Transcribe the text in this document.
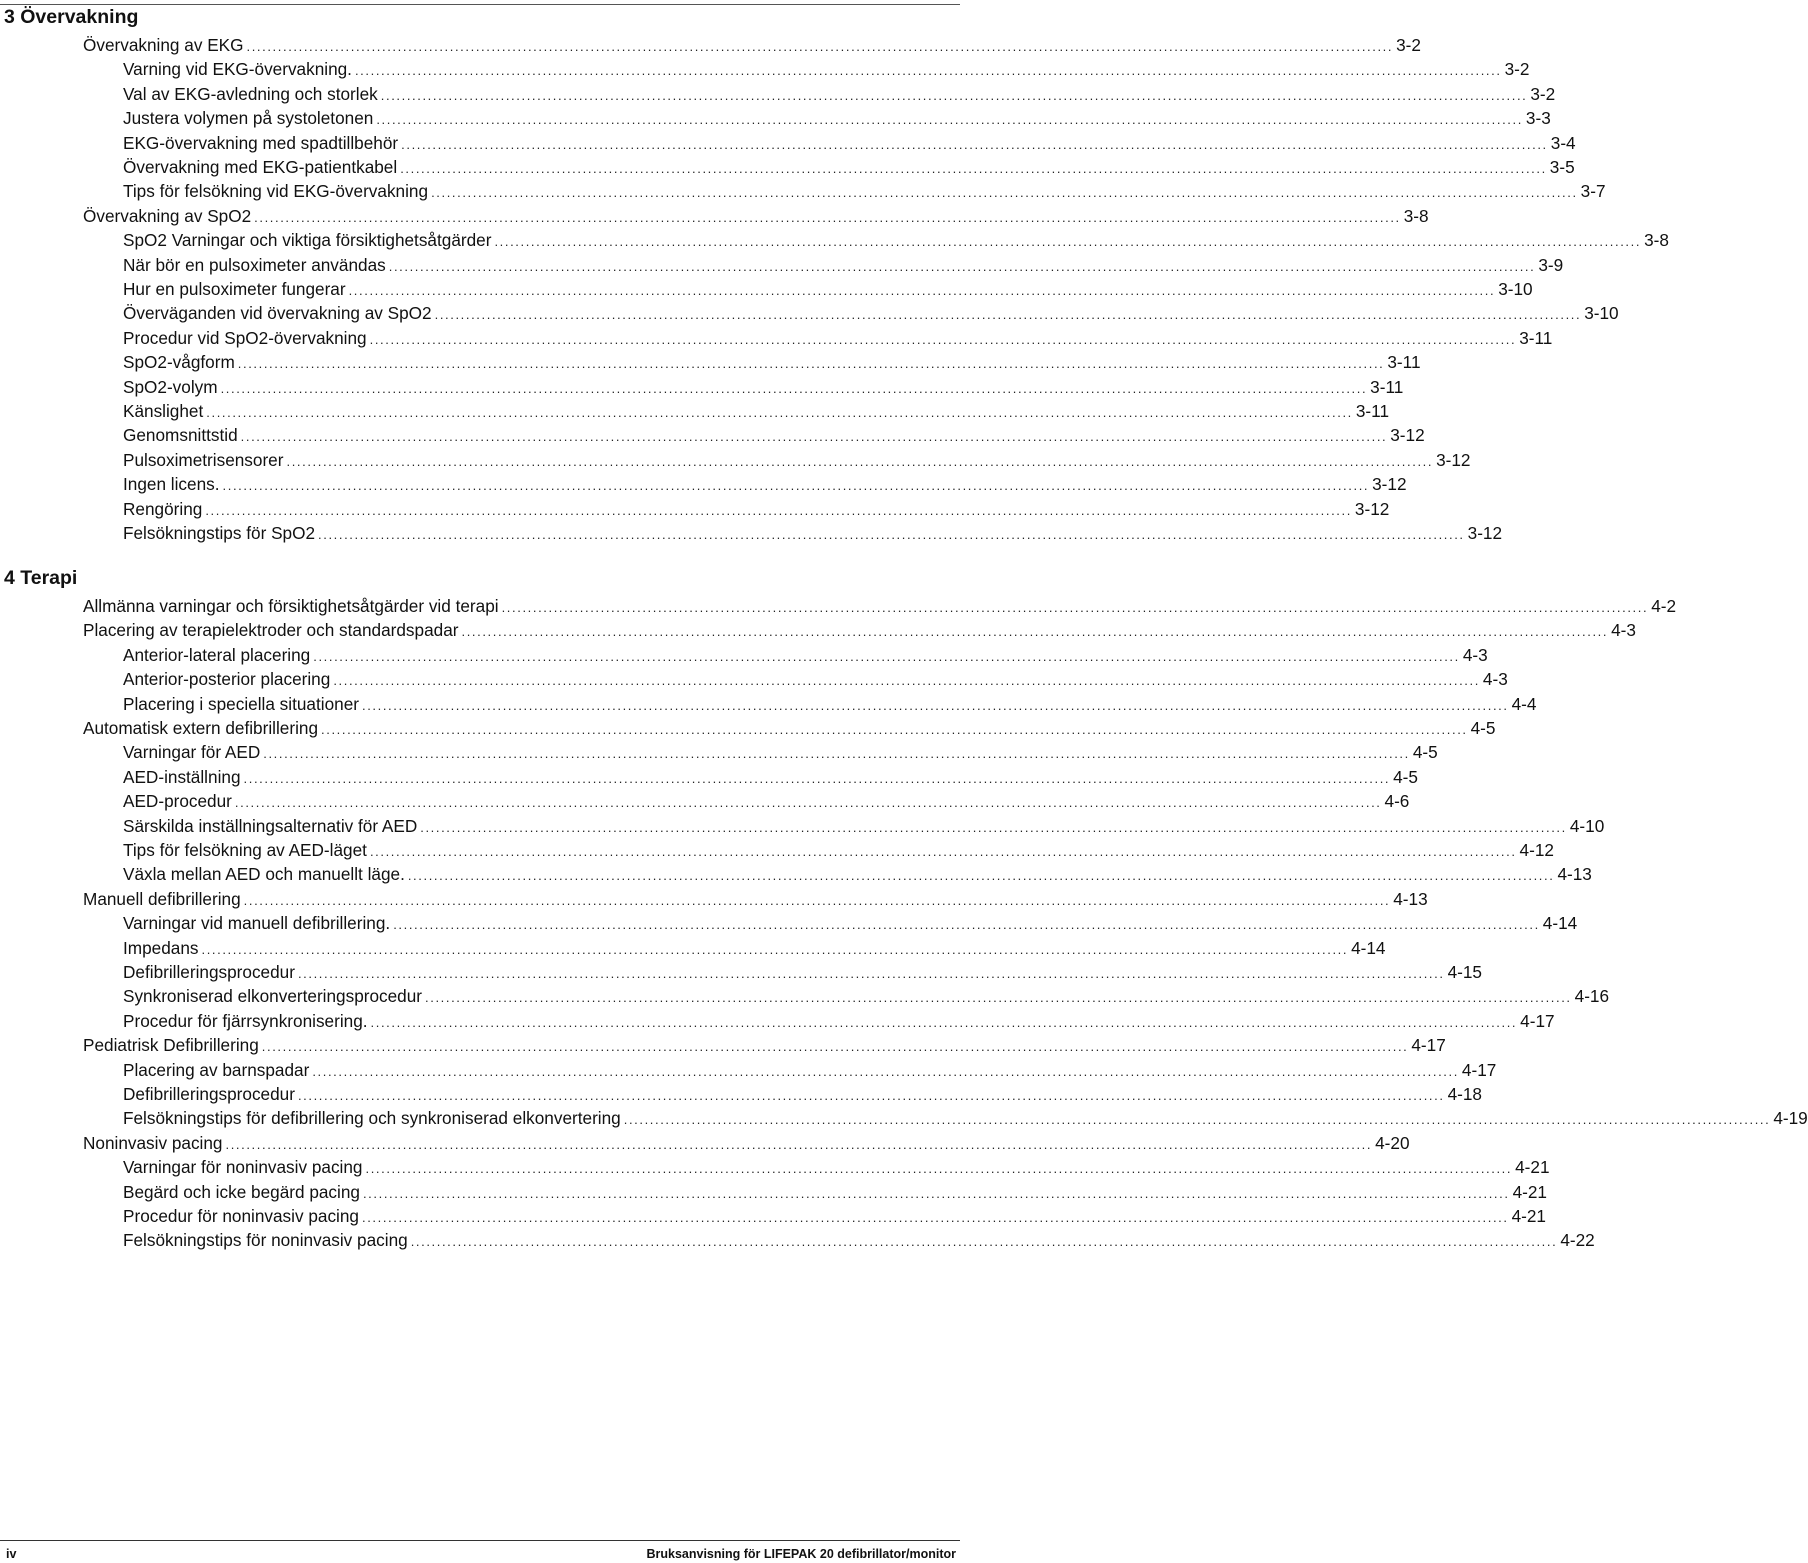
3 Övervakning
Övervakning av EKG ............................................................................................................................................................................................................................ 3-2
Varning vid EKG-övervakning. ............................................................................................................................................................................................................................ 3-2
Val av EKG-avledning och storlek ............................................................................................................................................................................................................................ 3-2
Justera volymen på systoletonen ............................................................................................................................................................................................................................ 3-3
EKG-övervakning med spadtillbehör ............................................................................................................................................................................................................................ 3-4
Övervakning med EKG-patientkabel ............................................................................................................................................................................................................................ 3-5
Tips för felsökning vid EKG-övervakning ............................................................................................................................................................................................................................ 3-7
Övervakning av SpO2 ............................................................................................................................................................................................................................ 3-8
SpO2 Varningar och viktiga försiktighetsåtgärder ............................................................................................................................................................................................................................ 3-8
När bör en pulsoximeter användas ............................................................................................................................................................................................................................ 3-9
Hur en pulsoximeter fungerar ............................................................................................................................................................................................................................ 3-10
Överväganden vid övervakning av SpO2 ............................................................................................................................................................................................................................ 3-10
Procedur vid SpO2-övervakning ............................................................................................................................................................................................................................ 3-11
SpO2-vågform ............................................................................................................................................................................................................................ 3-11
SpO2-volym ............................................................................................................................................................................................................................ 3-11
Känslighet ............................................................................................................................................................................................................................ 3-11
Genomsnittstid ............................................................................................................................................................................................................................ 3-12
Pulsoximetrisensorer ............................................................................................................................................................................................................................ 3-12
Ingen licens. ............................................................................................................................................................................................................................ 3-12
Rengöring ............................................................................................................................................................................................................................ 3-12
Felsökningstips för SpO2 ............................................................................................................................................................................................................................ 3-12
4 Terapi
Allmänna varningar och försiktighetsåtgärder vid terapi ............................................................................................................................................................................................................................ 4-2
Placering av terapielektroder och standardspadar ............................................................................................................................................................................................................................ 4-3
Anterior-lateral placering ............................................................................................................................................................................................................................ 4-3
Anterior-posterior placering ............................................................................................................................................................................................................................ 4-3
Placering i speciella situationer ............................................................................................................................................................................................................................ 4-4
Automatisk extern defibrillering ............................................................................................................................................................................................................................ 4-5
Varningar för AED ............................................................................................................................................................................................................................ 4-5
AED-inställning ............................................................................................................................................................................................................................ 4-5
AED-procedur ............................................................................................................................................................................................................................ 4-6
Särskilda inställningsalternativ för AED ............................................................................................................................................................................................................................ 4-10
Tips för felsökning av AED-läget ............................................................................................................................................................................................................................ 4-12
Växla mellan AED och manuellt läge. ............................................................................................................................................................................................................................ 4-13
Manuell defibrillering ............................................................................................................................................................................................................................ 4-13
Varningar vid manuell defibrillering. ............................................................................................................................................................................................................................ 4-14
Impedans ............................................................................................................................................................................................................................ 4-14
Defibrilleringsprocedur ............................................................................................................................................................................................................................ 4-15
Synkroniserad elkonverteringsprocedur ............................................................................................................................................................................................................................ 4-16
Procedur för fjärrsynkronisering. ............................................................................................................................................................................................................................ 4-17
Pediatrisk Defibrillering ............................................................................................................................................................................................................................ 4-17
Placering av barnspadar ............................................................................................................................................................................................................................ 4-17
Defibrilleringsprocedur ............................................................................................................................................................................................................................ 4-18
Felsökningstips för defibrillering och synkroniserad elkonvertering ............................................................................................................................................................................................................................ 4-19
Noninvasiv pacing ............................................................................................................................................................................................................................ 4-20
Varningar för noninvasiv pacing ............................................................................................................................................................................................................................ 4-21
Begärd och icke begärd pacing ............................................................................................................................................................................................................................ 4-21
Procedur för noninvasiv pacing ............................................................................................................................................................................................................................ 4-21
Felsökningstips för noninvasiv pacing ............................................................................................................................................................................................................................ 4-22
iv	Bruksanvisning för LIFEPAK 20 defibrillator/monitor
